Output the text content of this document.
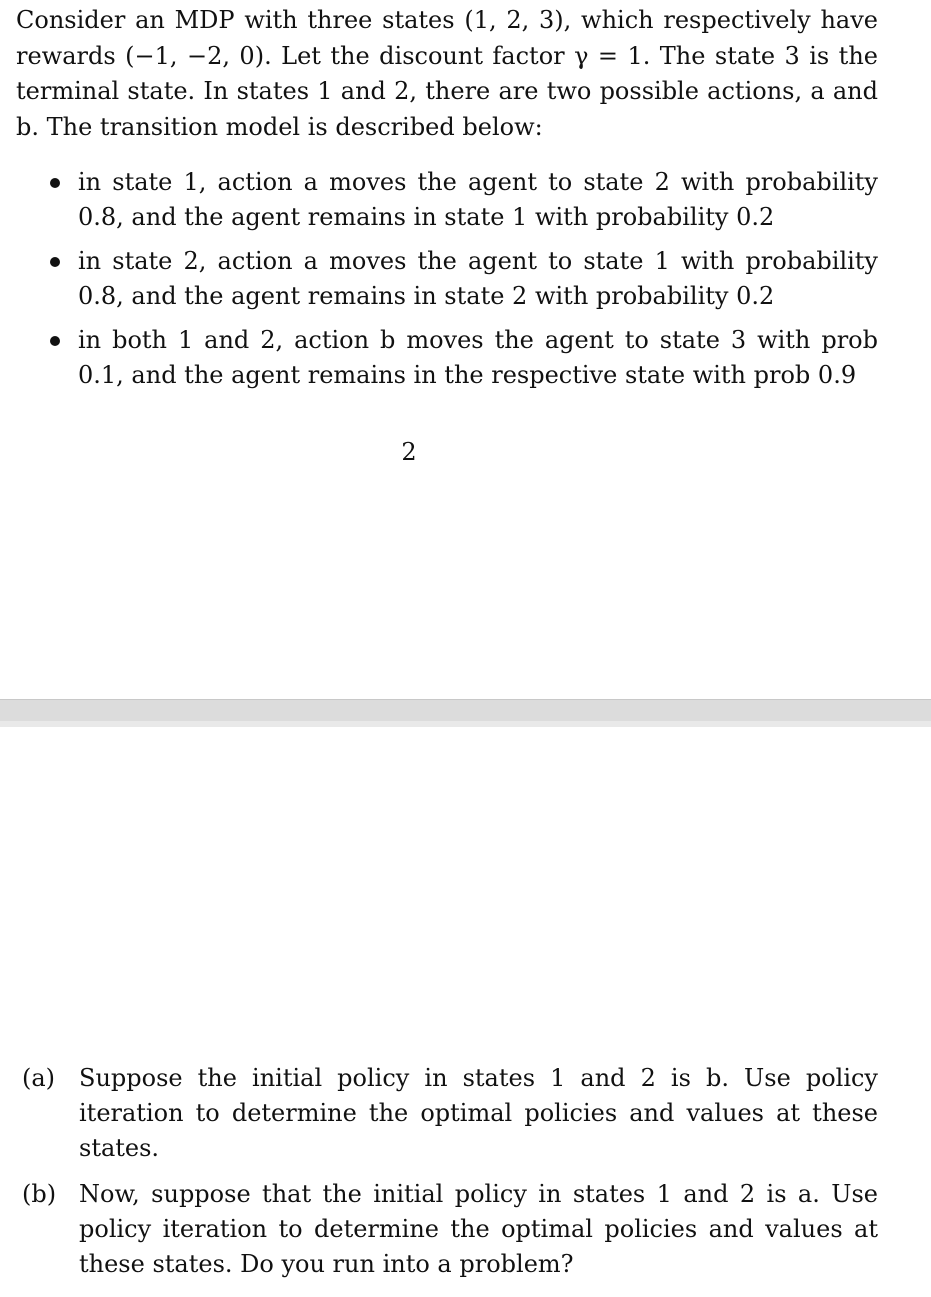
Consider an MDP with three states (1, 2, 3), which respectively have rewards (−1, −2, 0). Let the discount factor γ = 1. The state 3 is the terminal state. In states 1 and 2, there are two possible actions, a and b. The transition model is described below:

in state 1, action a moves the agent to state 2 with probability 0.8, and the agent remains in state 1 with probability 0.2
in state 2, action a moves the agent to state 1 with probability 0.8, and the agent remains in state 2 with probability 0.2
in both 1 and 2, action b moves the agent to state 3 with prob 0.1, and the agent remains in the respective state with prob 0.9
2
(a) Suppose the initial policy in states 1 and 2 is b. Use policy iteration to determine the optimal policies and values at these states.
(b) Now, suppose that the initial policy in states 1 and 2 is a. Use policy iteration to determine the optimal policies and values at these states. Do you run into a problem?
